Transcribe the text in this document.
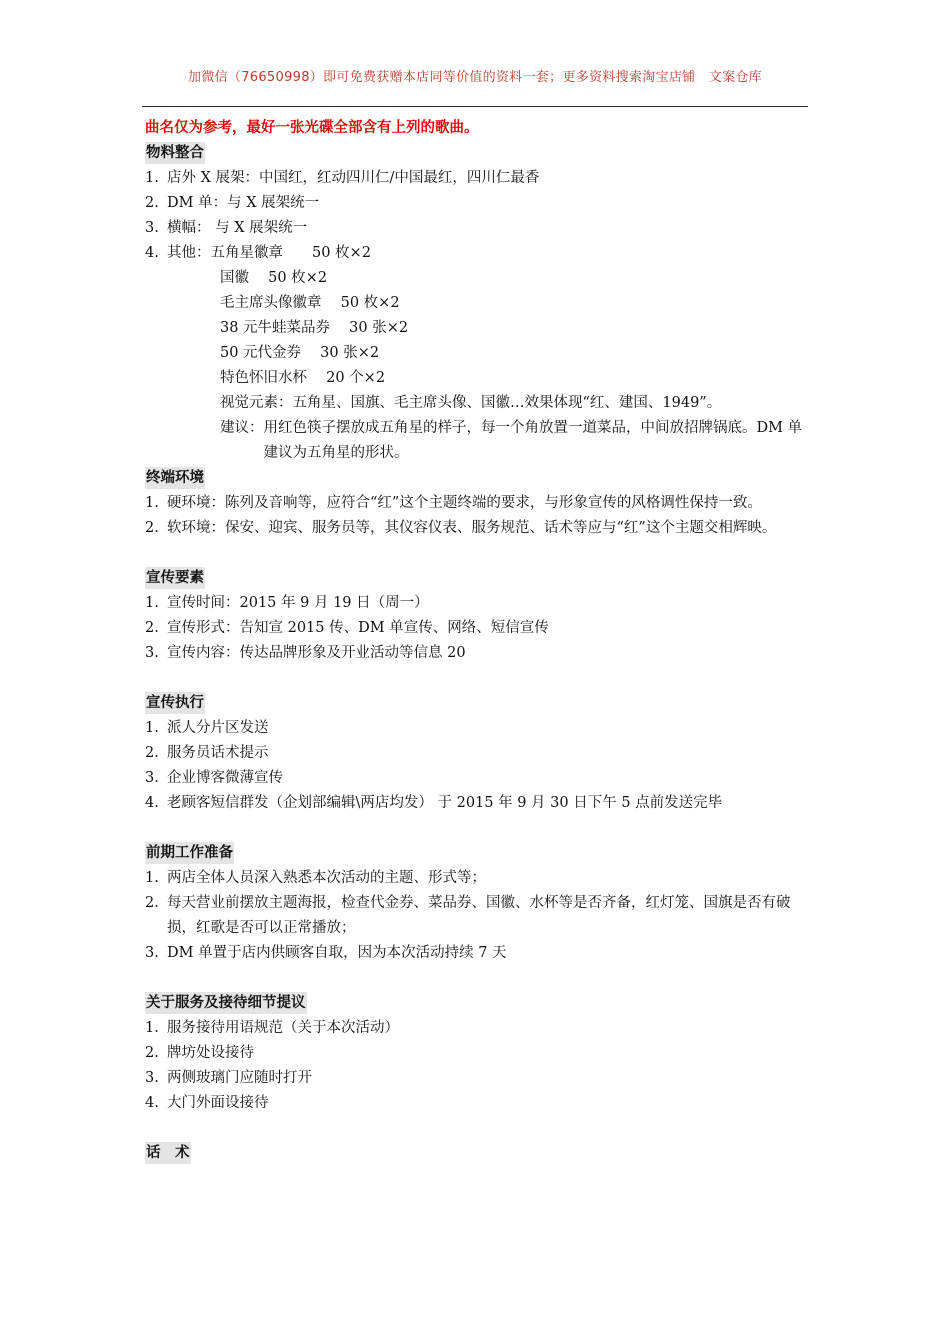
加微信（76650998）即可免费获赠本店同等价值的资料一套；更多资料搜索淘宝店铺　文案仓库
曲名仅为参考，最好一张光碟全部含有上列的歌曲。
物料整合
1. 店外 X 展架：中国红，红动四川仁/中国最红，四川仁最香
2. DM 单：与 X 展架统一
3. 横幅： 与 X 展架统一
4. 其他： 五角星徽章　　50 枚×2
国徽　 50 枚×2
毛主席头像徽章　 50 枚×2
38 元牛蛙菜品券　 30 张×2
50 元代金券　 30 张×2
特色怀旧水杯　 20 个×2
视觉元素：五角星、国旗、毛主席头像、国徽…效果体现“红、建国、1949”。
建议： 用红色筷子摆放成五角星的样子，每一个角放置一道菜品，中间放招牌锅底。DM 单建议为五角星的形状。
终端环境
1. 硬环境： 陈列及音响等，应符合“红”这个主题终端的要求，与形象宣传的风格调性保持一致。
2. 软环境： 保安、迎宾、服务员等，其仪容仪表、服务规范、话术等应与“红”这个主题交相辉映。
宣传要素
1. 宣传时间：2015 年 9 月 19 日（周一）
2. 宣传形式：告知宣 2015 传、DM 单宣传、网络、短信宣传
3. 宣传内容：传达品牌形象及开业活动等信息 20
宣传执行
1. 派人分片区发送
2. 服务员话术提示
3. 企业博客微薄宣传
4. 老顾客短信群发（企划部编辑\两店均发） 于 2015 年 9 月 30 日下午 5 点前发送完毕
前期工作准备
1. 两店全体人员深入熟悉本次活动的主题、形式等；
2. 每天营业前摆放主题海报，检查代金券、菜品券、国徽、水杯等是否齐备，红灯笼、国旗是否有破损，红歌是否可以正常播放；
3. DM 单置于店内供顾客自取，因为本次活动持续 7 天
关于服务及接待细节提议
1. 服务接待用语规范（关于本次活动）
2. 牌坊处设接待
3. 两侧玻璃门应随时打开
4. 大门外面设接待
话　术
